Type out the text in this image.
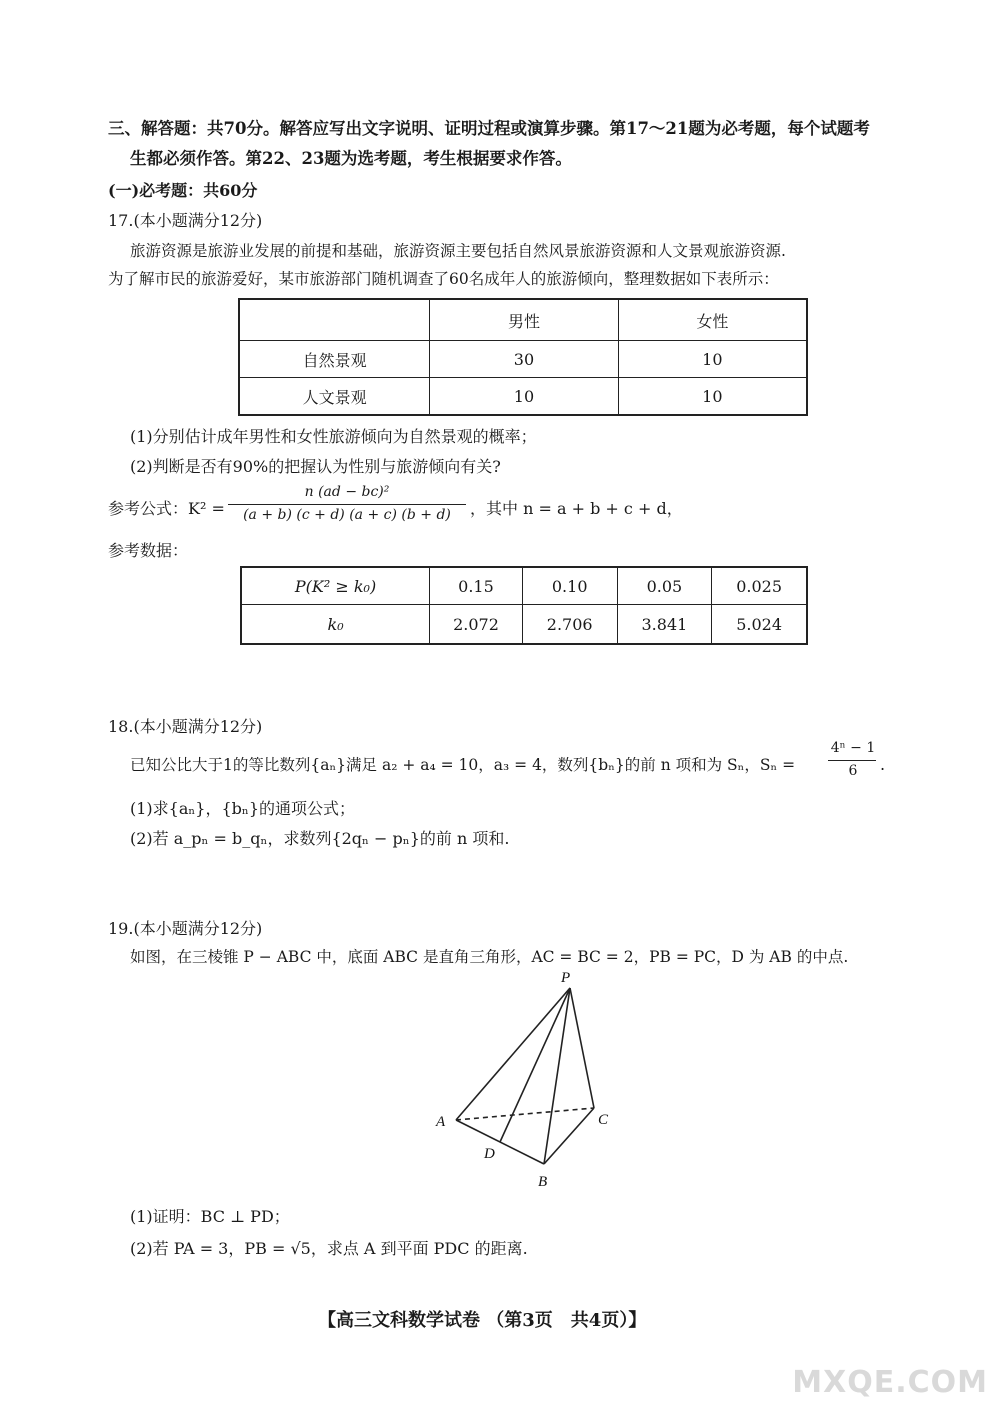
三、解答题：共70分。解答应写出文字说明、证明过程或演算步骤。第17～21题为必考题，每个试题考
生都必须作答。第22、23题为选考题，考生根据要求作答。
(一)必考题：共60分
17.(本小题满分12分)
旅游资源是旅游业发展的前提和基础，旅游资源主要包括自然风景旅游资源和人文景观旅游资源.
为了解市民的旅游爱好，某市旅游部门随机调查了60名成年人的旅游倾向，整理数据如下表所示：
	男性	女性
自然景观	30	10
人文景观	10	10
(1)分别估计成年男性和女性旅游倾向为自然景观的概率；
(2)判断是否有90%的把握认为性别与旅游倾向有关?
参考公式：K² =
n (ad − bc)²
(a + b) (c + d) (a + c) (b + d)	，其中 n = a + b + c + d，
参考数据：
P(K² ≥ k₀)	0.15	0.10	0.05	0.025
k₀	2.072	2.706	3.841	5.024
18.(本小题满分12分)
已知公比大于1的等比数列{aₙ}满足 a₂ + a₄ = 10，a₃ = 4，数列{bₙ}的前 n 项和为 Sₙ，Sₙ =
4ⁿ − 1
6	.
(1)求{aₙ}，{bₙ}的通项公式；
(2)若 a_pₙ = b_qₙ，求数列{2qₙ − pₙ}的前 n 项和.
19.(本小题满分12分)
如图，在三棱锥 P − ABC 中，底面 ABC 是直角三角形，AC = BC = 2，PB = PC，D 为 AB 的中点.
P
A
B
C
D
(1)证明：BC ⊥ PD；
(2)若 PA = 3，PB = √5，求点 A 到平面 PDC 的距离.
【高三文科数学试卷 （第3页　共4页）】
MXQE.COM
